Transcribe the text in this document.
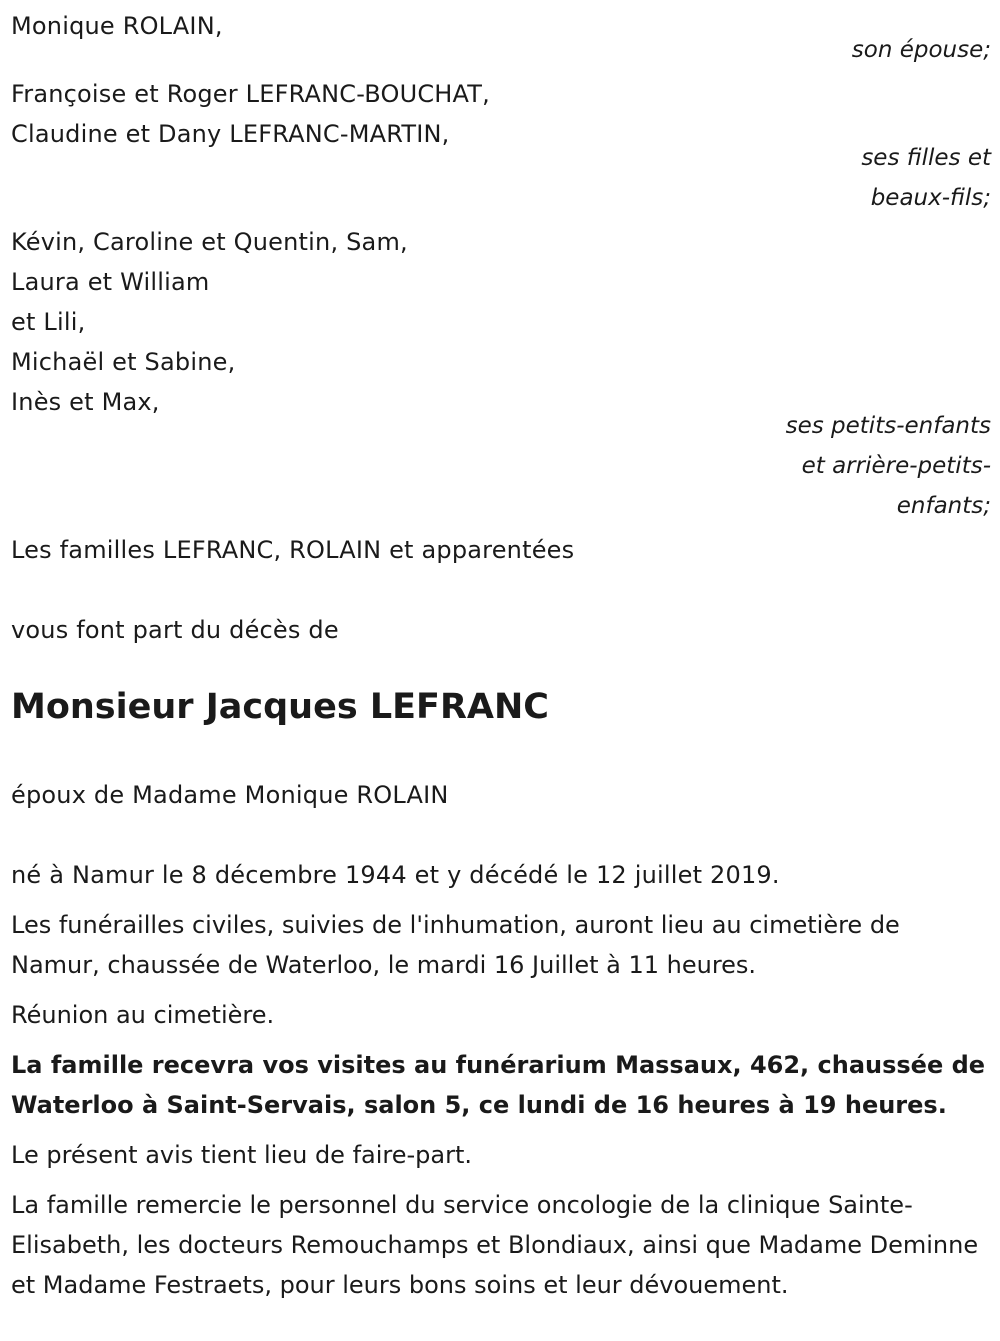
Monique ROLAIN,

son épouse;

Françoise et Roger LEFRANC-BOUCHAT,

Claudine et Dany LEFRANC-MARTIN,

ses filles et

beaux-fils;

Kévin, Caroline et Quentin, Sam,

Laura et William

et Lili,

Michaël et Sabine,

Inès et Max,

ses petits-enfants

et arrière-petits-

enfants;

Les familles LEFRANC, ROLAIN et apparentées

vous font part du décès de

Monsieur Jacques LEFRANC

époux de Madame Monique ROLAIN

né à Namur le 8 décembre 1944 et y décédé le 12 juillet 2019.

Les funérailles civiles, suivies de l'inhumation, auront lieu au cimetière de Namur, chaussée de Waterloo, le mardi 16 Juillet à 11 heures.

Réunion au cimetière.

La famille recevra vos visites au funérarium Massaux, 462, chaussée de Waterloo à Saint-Servais, salon 5, ce lundi de 16 heures à 19 heures.

Le présent avis tient lieu de faire-part.

La famille remercie le personnel du service oncologie de la clinique Sainte-Elisabeth, les docteurs Remouchamps et Blondiaux, ainsi que Madame Deminne et Madame Festraets, pour leurs bons soins et leur dévouement.
